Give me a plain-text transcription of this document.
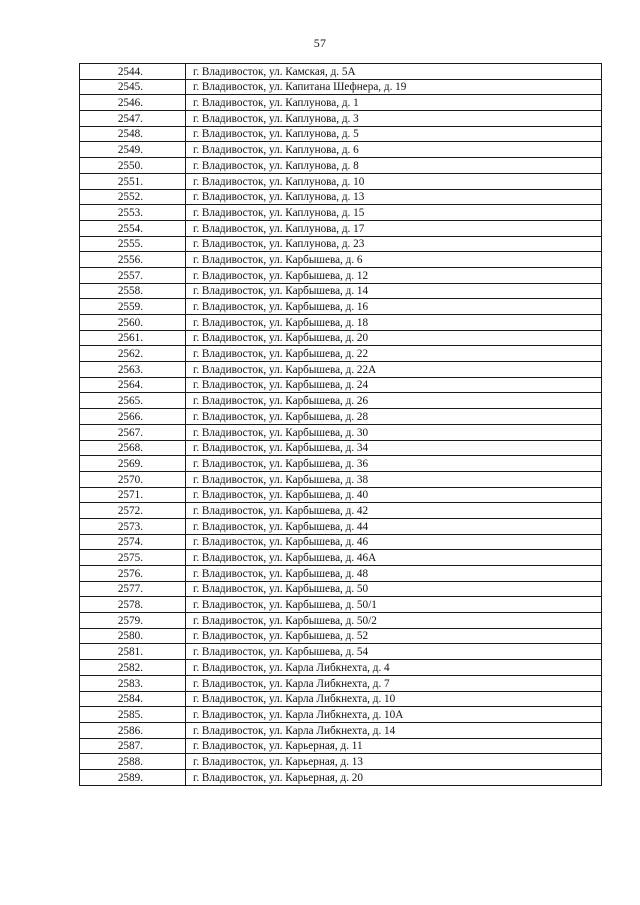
57
2544.	г. Владивосток, ул. Камская, д. 5А
2545.	г. Владивосток, ул. Капитана Шефнера, д. 19
2546.	г. Владивосток, ул. Каплунова, д. 1
2547.	г. Владивосток, ул. Каплунова, д. 3
2548.	г. Владивосток, ул. Каплунова, д. 5
2549.	г. Владивосток, ул. Каплунова, д. 6
2550.	г. Владивосток, ул. Каплунова, д. 8
2551.	г. Владивосток, ул. Каплунова, д. 10
2552.	г. Владивосток, ул. Каплунова, д. 13
2553.	г. Владивосток, ул. Каплунова, д. 15
2554.	г. Владивосток, ул. Каплунова, д. 17
2555.	г. Владивосток, ул. Каплунова, д. 23
2556.	г. Владивосток, ул. Карбышева, д. 6
2557.	г. Владивосток, ул. Карбышева, д. 12
2558.	г. Владивосток, ул. Карбышева, д. 14
2559.	г. Владивосток, ул. Карбышева, д. 16
2560.	г. Владивосток, ул. Карбышева, д. 18
2561.	г. Владивосток, ул. Карбышева, д. 20
2562.	г. Владивосток, ул. Карбышева, д. 22
2563.	г. Владивосток, ул. Карбышева, д. 22А
2564.	г. Владивосток, ул. Карбышева, д. 24
2565.	г. Владивосток, ул. Карбышева, д. 26
2566.	г. Владивосток, ул. Карбышева, д. 28
2567.	г. Владивосток, ул. Карбышева, д. 30
2568.	г. Владивосток, ул. Карбышева, д. 34
2569.	г. Владивосток, ул. Карбышева, д. 36
2570.	г. Владивосток, ул. Карбышева, д. 38
2571.	г. Владивосток, ул. Карбышева, д. 40
2572.	г. Владивосток, ул. Карбышева, д. 42
2573.	г. Владивосток, ул. Карбышева, д. 44
2574.	г. Владивосток, ул. Карбышева, д. 46
2575.	г. Владивосток, ул. Карбышева, д. 46А
2576.	г. Владивосток, ул. Карбышева, д. 48
2577.	г. Владивосток, ул. Карбышева, д. 50
2578.	г. Владивосток, ул. Карбышева, д. 50/1
2579.	г. Владивосток, ул. Карбышева, д. 50/2
2580.	г. Владивосток, ул. Карбышева, д. 52
2581.	г. Владивосток, ул. Карбышева, д. 54
2582.	г. Владивосток, ул. Карла Либкнехта, д. 4
2583.	г. Владивосток, ул. Карла Либкнехта, д. 7
2584.	г. Владивосток, ул. Карла Либкнехта, д. 10
2585.	г. Владивосток, ул. Карла Либкнехта, д. 10А
2586.	г. Владивосток, ул. Карла Либкнехта, д. 14
2587.	г. Владивосток, ул. Карьерная, д. 11
2588.	г. Владивосток, ул. Карьерная, д. 13
2589.	г. Владивосток, ул. Карьерная, д. 20
